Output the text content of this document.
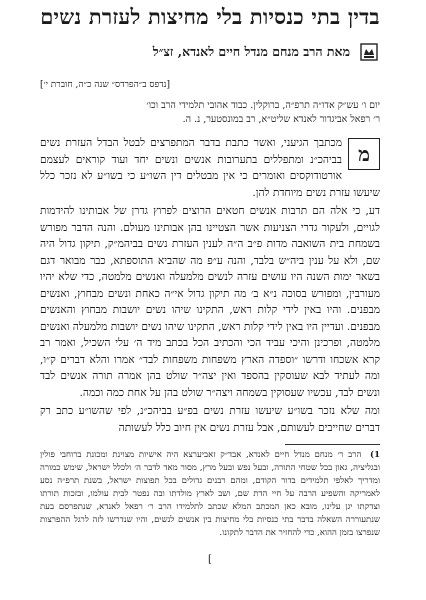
בדין בתי כנסיות בלי מחיצות לעזרת נשים
מאת הרב מנחם מנדל חיים לאנדא, זצ״ל
[נדפס ב״הפרדס״ שנה כ״ה, חוברת י׳]
יום ו׳ עש״ק אדו״ה תרפ״ה, ברוקלין. כבוד אהובי תלמידי הרב וכו׳
ר׳ רפאל אביגדור לאנדא שליט״א, רב במונסטער, נ. ה.

מ
מכתבך הגיעני, ואשר כתבת בדבר המתפרצים לבטל הבדל העזרת נשים בביהכ״נ ומתפללים בתערובות אנשים ונשים יחד ועוד קוראים לעצמם אורטודוקסים ואומרים כי אין מבטלים דין השו״ע כי בשו״ע לא נזכר כלל שיעשו עזרת נשים מיוחדת להן.

דע, כי אלה הם תרבות אנשים חטאים הרוצים לפרוץ גדרן של אבותינו להידמות לגויים, ולעקור גדרי הצניעות אשר הצטיינו בהן אבותינו מעולם. והנה הדבר מפורש בשמחת בית השואבה מדות פ״ב ה״ה לענין העזרת נשים בביהמ״ק, תיקון גדול היה שם, ולא על ענין ביה״ש בלבד, והנה ע״פ מה שהביא התוספתא, כבר מבואר דגם בשאר ימות השנה היו עושים עזרה לנשים מלמעלה ואנשים מלמטה, כדי שלא יהיו מעורבין, ומפורש בסוכה נ״א ב׳ מה תיקון גדול אי״ה כאחת ונשים מבחוץ, ואנשים מבפנים. והיו באין לידי קלות ראש, התקינו שיהו נשים יושבות מבחוץ והאנשים מבפנים. ועדיין היו באין לידי קלות ראש, התקינו שיהו נשים יושבות מלמעלה ואנשים מלמטה, ופרכינן והיכי עביד הכי והכתיב הכל בכתב מיד ה׳ עלי השכיל, ואמר רב קרא אשכחו ודרשו ״וספדה הארץ משפחות משפחות לבד״ אמרו והלא דברים ק״ו, ומה לעתיד לבא שעוסקין בהספד ואין יצה״ר שולט בהן אמרה תורה אנשים לבד ונשים לבד, עכשיו שעסוקין בשמחה ויצה״ר שולט בהן על אחת כמה וכמה.

ומה שלא נזכר בשו״ע שיעשו עזרת נשים בפ״ע בביהכ״נ, לפי שהשו״ע כתב רק דברים שחייבים לעשותם, אבל עזרת נשים אין חיוב כלל לעשותה

1) הרב ר׳ מנחם מנדל חיים לאנדא, אבד״ק זאביערצא היה אישיות מצוינת ומכונת ברוחבי פולין ובגליציה, גאון בכל שטחי התורה, ובעל נפש ובעל מרץ, מסור מאד לדבר ה׳ ולכלל ישראל, שימש כמורה ומדריך לאלפי תלמידים בדור הקודם, ומהם רבנים גדולים בכל תפוצות ישראל, בשנת תרפ״ה נסע לאמריקה והשפיע הרבה על חיי הדת שם, ושב לארץ מולדתו ובה נפטר לבית עולמו, ובזכות תורתו וצדקתו יגן עלינו, מובא כאן המכתב המלא שכתב לתלמידו הרב ר׳ רפאל לאנדא, שנתפרסם בעת שנתעוררה השאלה בדבר בתי כנסיות בלי מחיצות בין אנשים לנשים, והיו שנדרשו לזה לרגל ההפרצות שנפרצו בזמן ההוא, כדי להחזיר את הדבר לתקונו.
]
